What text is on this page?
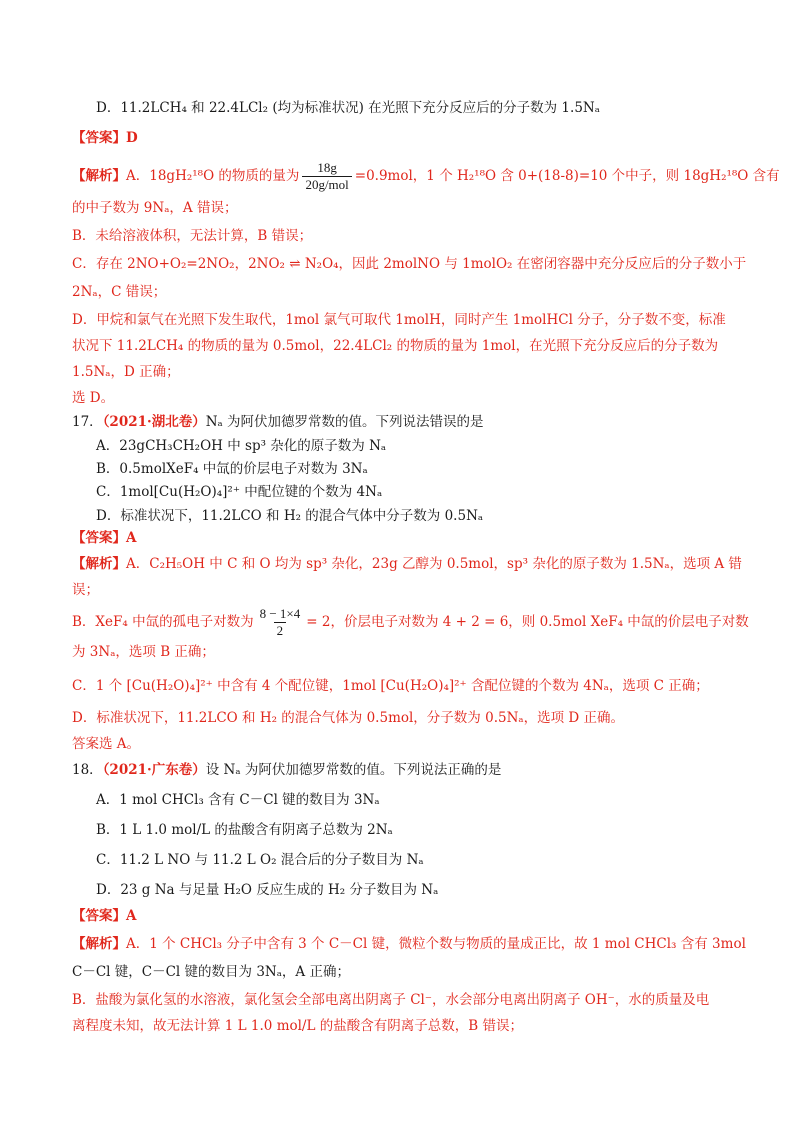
D．11.2LCH₄ 和 22.4LCl₂ (均为标准状况) 在光照下充分反应后的分子数为 1.5Nₐ
【答案】D
【解析】A．18gH₂¹⁸O 的物质的量为 $\frac{18g}{\text{20g/mol}} =0.9mol$，1 个 H₂¹⁸O 含 0+(18-8)=10 个中子，则 18gH₂¹⁸O 含有
的中子数为 9Nₐ，A 错误；
B．未给溶液体积，无法计算，B 错误；
C．存在 2NO+O₂=2NO₂，2NO₂ ⇌ N₂O₄，因此 2molNO 与 1molO₂ 在密闭容器中充分反应后的分子数小于
2Nₐ，C 错误；
D．甲烷和氯气在光照下发生取代，1mol 氯气可取代 1molH，同时产生 1molHCl 分子，分子数不变，标准
状况下 11.2LCH₄ 的物质的量为 0.5mol，22.4LCl₂ 的物质的量为 1mol，在光照下充分反应后的分子数为
1.5Nₐ，D 正确；
选 D。
17．（2021·湖北卷）Nₐ 为阿伏加德罗常数的值。下列说法错误的是
A．23gCH₃CH₂OH 中 sp³ 杂化的原子数为 Nₐ
B．0.5molXeF₄ 中氙的价层电子对数为 3Nₐ
C．1mol[Cu(H₂O)₄]²⁺ 中配位键的个数为 4Nₐ
D．标准状况下，11.2LCO 和 H₂ 的混合气体中分子数为 0.5Nₐ
【答案】A
【解析】A．C₂H₅OH 中 C 和 O 均为 sp³ 杂化，23g 乙醇为 0.5mol，sp³ 杂化的原子数为 1.5Nₐ，选项 A 错
误；
B．XeF₄ 中氙的孤电子对数为 $\frac{8 - 1\times 4}{2} = 2$，价层电子对数为 4 + 2 = 6，则 0.5mol XeF₄ 中氙的价层电子对数
为 3Nₐ，选项 B 正确；
C．1 个 [Cu(H₂O)₄]²⁺ 中含有 4 个配位键，1mol [Cu(H₂O)₄]²⁺ 含配位键的个数为 4Nₐ，选项 C 正确；
D．标准状况下，11.2LCO 和 H₂ 的混合气体为 0.5mol，分子数为 0.5Nₐ，选项 D 正确。
答案选 A。
18．（2021·广东卷）设 Nₐ 为阿伏加德罗常数的值。下列说法正确的是
A．1 mol CHCl₃ 含有 C－Cl 键的数目为 3Nₐ
B．1 L 1.0 mol/L 的盐酸含有阴离子总数为 2Nₐ
C．11.2 L NO 与 11.2 L O₂ 混合后的分子数目为 Nₐ
D．23 g Na 与足量 H₂O 反应生成的 H₂ 分子数目为 Nₐ
【答案】A
【解析】A．1 个 CHCl₃ 分子中含有 3 个 C－Cl 键，微粒个数与物质的量成正比，故 1 mol CHCl₃ 含有 3mol
C－Cl 键，C－Cl 键的数目为 3Nₐ，A 正确；
B．盐酸为氯化氢的水溶液，氯化氢会全部电离出阴离子 Cl⁻，水会部分电离出阴离子 OH⁻，水的质量及电
离程度未知，故无法计算 1 L 1.0 mol/L 的盐酸含有阴离子总数，B 错误；
